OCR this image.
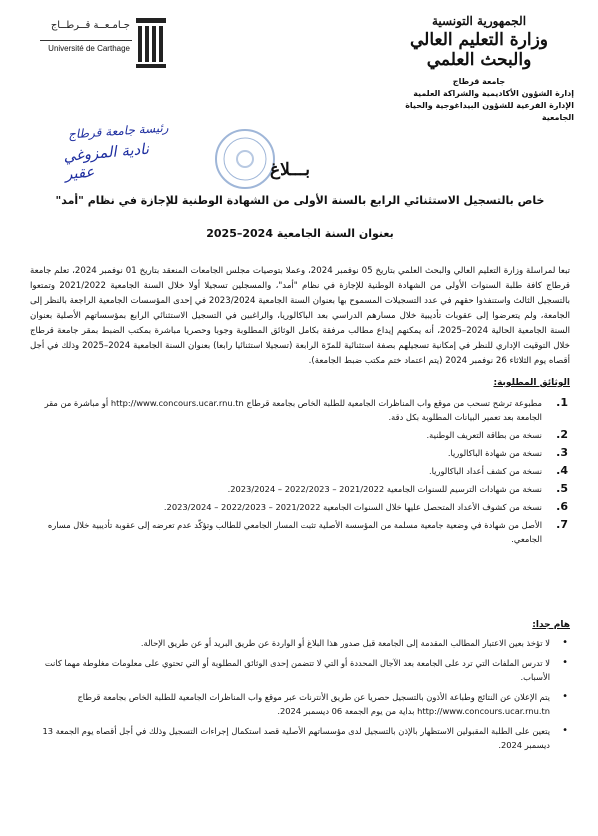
جـامـعــة قــرطــاج
Université de Carthage
الجمهورية التونسية
وزارة التعليم العالي والبحث العلمي
جامعة قرطاج
إدارة الشؤون الأكاديمية والشراكة العلمية
الإدارة الفرعية للشؤون البيداغوجية والحياة الجامعية
رئيسة جامعة قرطاج
نادية المزوغي عقير	بـــلاغ
خاص بالتسجيل الاستثنائي الرابع بالسنة الأولى من الشهادة الوطنية للإجازة في نظام "أمد"
بعنوان السنة الجامعية 2024–2025
تبعا لمراسلة وزارة التعليم العالي والبحث العلمي بتاريخ 05 نوفمبر 2024، وعملا بتوصيات مجلس الجامعات المنعقد بتاريخ 01 نوفمبر 2024، تعلم جامعة قرطاج كافة طلبة السنوات الأولى من الشهادة الوطنية للإجازة في نظام "أمد"، والمسجلين تسجيلا أولا خلال السنة الجامعية 2021/2022 وتمتعوا بالتسجيل الثالث واستنفذوا حقهم في عدد التسجيلات المسموح بها بعنوان السنة الجامعية 2023/2024 في إحدى المؤسسات الجامعية الراجعة بالنظر إلى الجامعة، ولم يتعرضوا إلى عقوبات تأديبية خلال مسارهم الدراسي بعد الباكالوريا، والراغبين في التسجيل الاستثنائي الرابع بمؤسساتهم الأصلية بعنوان السنة الجامعية الحالية 2024–2025، أنه يمكنهم إيداع مطالب مرفقة بكامل الوثائق المطلوبة وجوبا وحصريا مباشرة بمكتب الضبط بمقر جامعة قرطاج خلال التوقيت الإداري للنظر في إمكانية تسجيلهم بصفة استثنائية للمرّة الرابعة (تسجيلا استثنائيا رابعا) بعنوان السنة الجامعية 2024–2025 وذلك في أجل أقصاه يوم الثلاثاء 26 نوفمبر 2024 (يتم اعتماد ختم مكتب ضبط الجامعة).
الوثائق المطلوبة:
1.
مطبوعة ترشح تسحب من موقع واب المناظرات الجامعية للطلبة الخاص بجامعة قرطاج http://www.concours.ucar.rnu.tn أو مباشرة من مقر الجامعة بعد تعمير البيانات المطلوبة بكل دقة.
2.
نسخة من بطاقة التعريف الوطنية.
3.
نسخة من شهادة الباكالوريا.
4.
نسخة من كشف أعداد الباكالوريا.
5.
نسخة من شهادات الترسيم للسنوات الجامعية 2021/2022 – 2022/2023 – 2023/2024.
6.
نسخة من كشوف الأعداد المتحصل عليها خلال السنوات الجامعية 2021/2022 – 2022/2023 – 2023/2024.
7.
الأصل من شهادة في وضعية جامعية مسلمة من المؤسسة الأصلية تثبت المسار الجامعي للطالب وتؤكّد عدم تعرضه إلى عقوبة تأديبية خلال مساره الجامعي.
هام جدا:
•
لا تؤخذ بعين الاعتبار المطالب المقدمة إلى الجامعة قبل صدور هذا البلاغ أو الواردة عن طريق البريد أو عن طريق الإحالة.
•
لا تدرس الملفات التي ترد على الجامعة بعد الآجال المحددة أو التي لا تتضمن إحدى الوثائق المطلوبة أو التي تحتوي على معلومات مغلوطة مهما كانت الأسباب.
•
يتم الإعلان عن النتائج وطباعة الأذون بالتسجيل حصريا عن طريق الأنترنات عبر موقع واب المناظرات الجامعية للطلبة الخاص بجامعة قرطاج http://www.concours.ucar.rnu.tn بداية من يوم الجمعة 06 ديسمبر 2024.
•
يتعين على الطلبة المقبولين الاستظهار بالإذن بالتسجيل لدى مؤسساتهم الأصلية قصد استكمال إجراءات التسجيل وذلك في أجل أقصاه يوم الجمعة 13 ديسمبر 2024.
